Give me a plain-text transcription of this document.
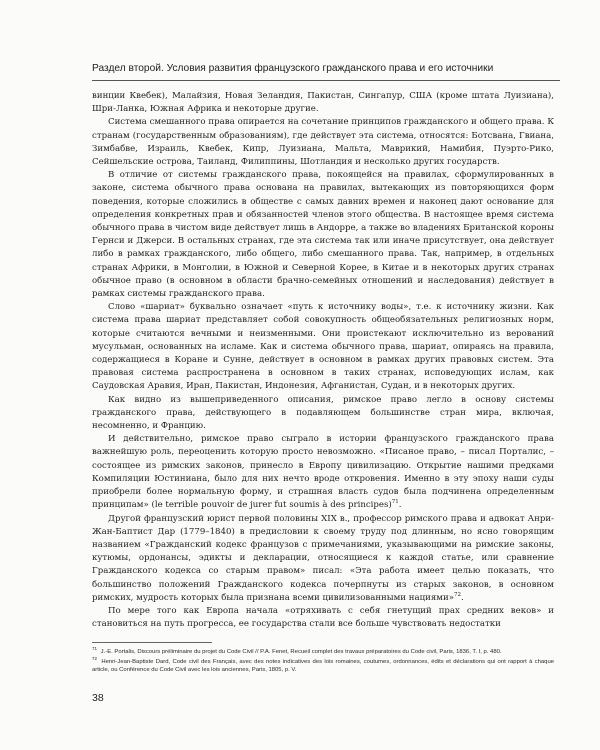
Раздел второй. Условия развития французского гражданского права и его источники

винции Квебек), Малайзия, Новая Зеландия, Пакистан, Сингапур, США (кроме штата Луизиана), Шри-Ланка, Южная Африка и некоторые другие.

Система смешанного права опирается на сочетание принципов гражданского и общего права. К странам (государственным образованиям), где действует эта система, относятся: Ботсвана, Гвиана, Зимбабве, Израиль, Квебек, Кипр, Луизиана, Мальта, Маврикий, Намибия, Пуэрто-Рико, Сейшельские острова, Таиланд, Филиппины, Шотландия и несколько других государств.

В отличие от системы гражданского права, покоящейся на правилах, сформулированных в законе, система обычного права основана на правилах, вытекающих из повторяющихся форм поведения, которые сложились в обществе с самых давних времен и наконец дают основание для определения конкретных прав и обязанностей членов этого общества. В настоящее время система обычного права в чистом виде действует лишь в Андорре, а также во владениях Британской короны Гернси и Джерси. В остальных странах, где эта система так или иначе присутствует, она действует либо в рамках гражданского, либо общего, либо смешанного права. Так, например, в отдельных странах Африки, в Монголии, в Южной и Северной Корее, в Китае и в некоторых других странах обычное право (в основном в области брачно-семейных отношений и наследования) действует в рамках системы гражданского права.

Слово «шариат» буквально означает «путь к источнику воды», т.е. к источнику жизни. Как система права шариат представляет собой совокупность общеобязательных религиозных норм, которые считаются вечными и неизменными. Они проистекают исключительно из верований мусульман, основанных на исламе. Как и система обычного права, шариат, опираясь на правила, содержащиеся в Коране и Сунне, действует в основном в рамках других правовых систем. Эта правовая система распространена в основном в таких странах, исповедующих ислам, как Саудовская Аравия, Иран, Пакистан, Индонезия, Афганистан, Судан, и в некоторых других.

Как видно из вышеприведенного описания, римское право легло в основу системы гражданского права, действующего в подавляющем большинстве стран мира, включая, несомненно, и Францию.

И действительно, римское право сыграло в истории французского гражданского права важнейшую роль, переоценить которую просто невозможно. «Писаное право, – писал Порталис, – состоящее из римских законов, принесло в Европу цивилизацию. Открытие нашими предками Компиляции Юстиниана, было для них нечто вроде откровения. Именно в эту эпоху наши суды приобрели более нормальную форму, и страшная власть судов была подчинена определенным принципам» (le terrible pouvoir de jurer fut soumis à des principes)$^{71}$.

Другой французский юрист первой половины XIX в., профессор римского права и адвокат Анри-Жан-Баптист Дар (1779–1840) в предисловии к своему труду под длинным, но ясно говорящим названием «Гражданский кодекс французов с примечаниями, указывающими на римские законы, кутюмы, ордонансы, эдикты и декларации, относящиеся к каждой статье, или сравнение Гражданского кодекса со старым правом» писал: «Эта работа имеет целью показать, что большинство положений Гражданского кодекса почерпнуты из старых законов, в основном римских, мудрость которых была признана всеми цивилизованными нациями»$^{72}$.

По мере того как Европа начала «отряхивать с себя гнетущий прах средних веков» и становиться на путь прогресса, ее государства стали все больше чувствовать недостатки

$^{71}$ J.-E. Portalis, Discours préliminaire du projet du Code Civil // P.A. Fenet, Recueil complet des travaux préparatoires du Code civil, Paris, 1836, T. I, p. 480.

$^{72}$ Henri-Jean-Baptiste Dard, Code civil des Français, avec des notes indicatives des lois romaines, coutumes, ordonnances, édits et déclarations qui ont rapport à chaque article, ou Conférence du Code Civil avec les lois anciennes, Paris, 1805, p. V.

38
